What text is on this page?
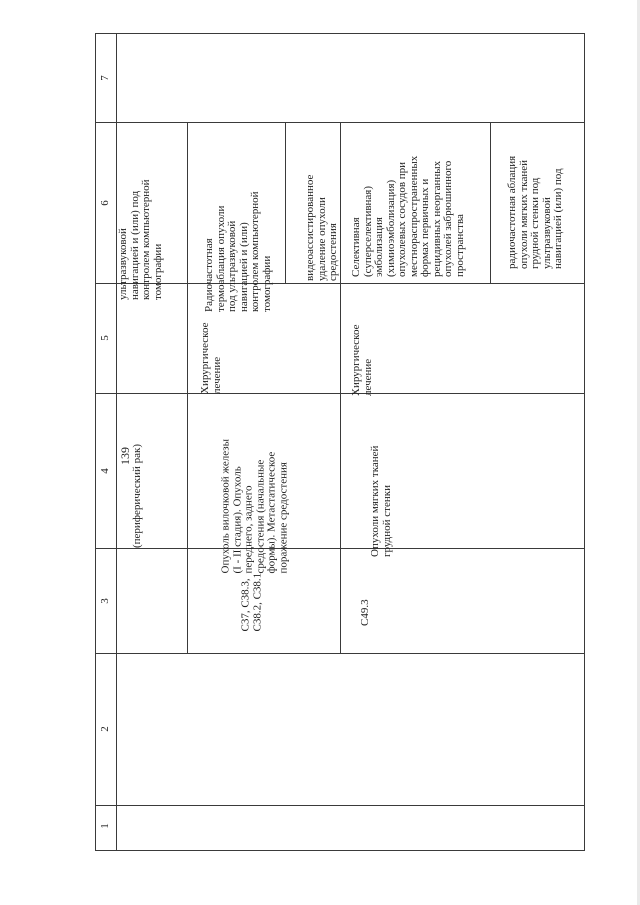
139
1
2
3
4
5
6
7
(периферический рак)
ультразвуковой
навигацией и (или) под
контролем компьютерной
томографии
C37, C38.3,
C38.2, C38.1
Опухоль вилочковой железы
(I - II стадия). Опухоль
переднего, заднего
средостения (начальные
формы). Метастатическое
поражение средостения
Хирургическое
лечение
Радиочастотная
термоаблация опухоли
под ультразвуковой
навигацией и (или)
контролем компьютерной
томографии
видеоассистированное
удаление опухоли
средостения
C49.3
Опухоли мягких тканей
грудной стенки
Хирургическое
лечение
Селективная
(суперселективная)
эмболизация
(химиоэмболизация)
опухолевых сосудов при
местнораспространенных
формах первичных и
рецидивных неорганных
опухолей забрюшинного
пространства	радиочастотная аблация
опухоли мягких тканей
грудной стенки под
ультразвуковой
навигацией (или) под
